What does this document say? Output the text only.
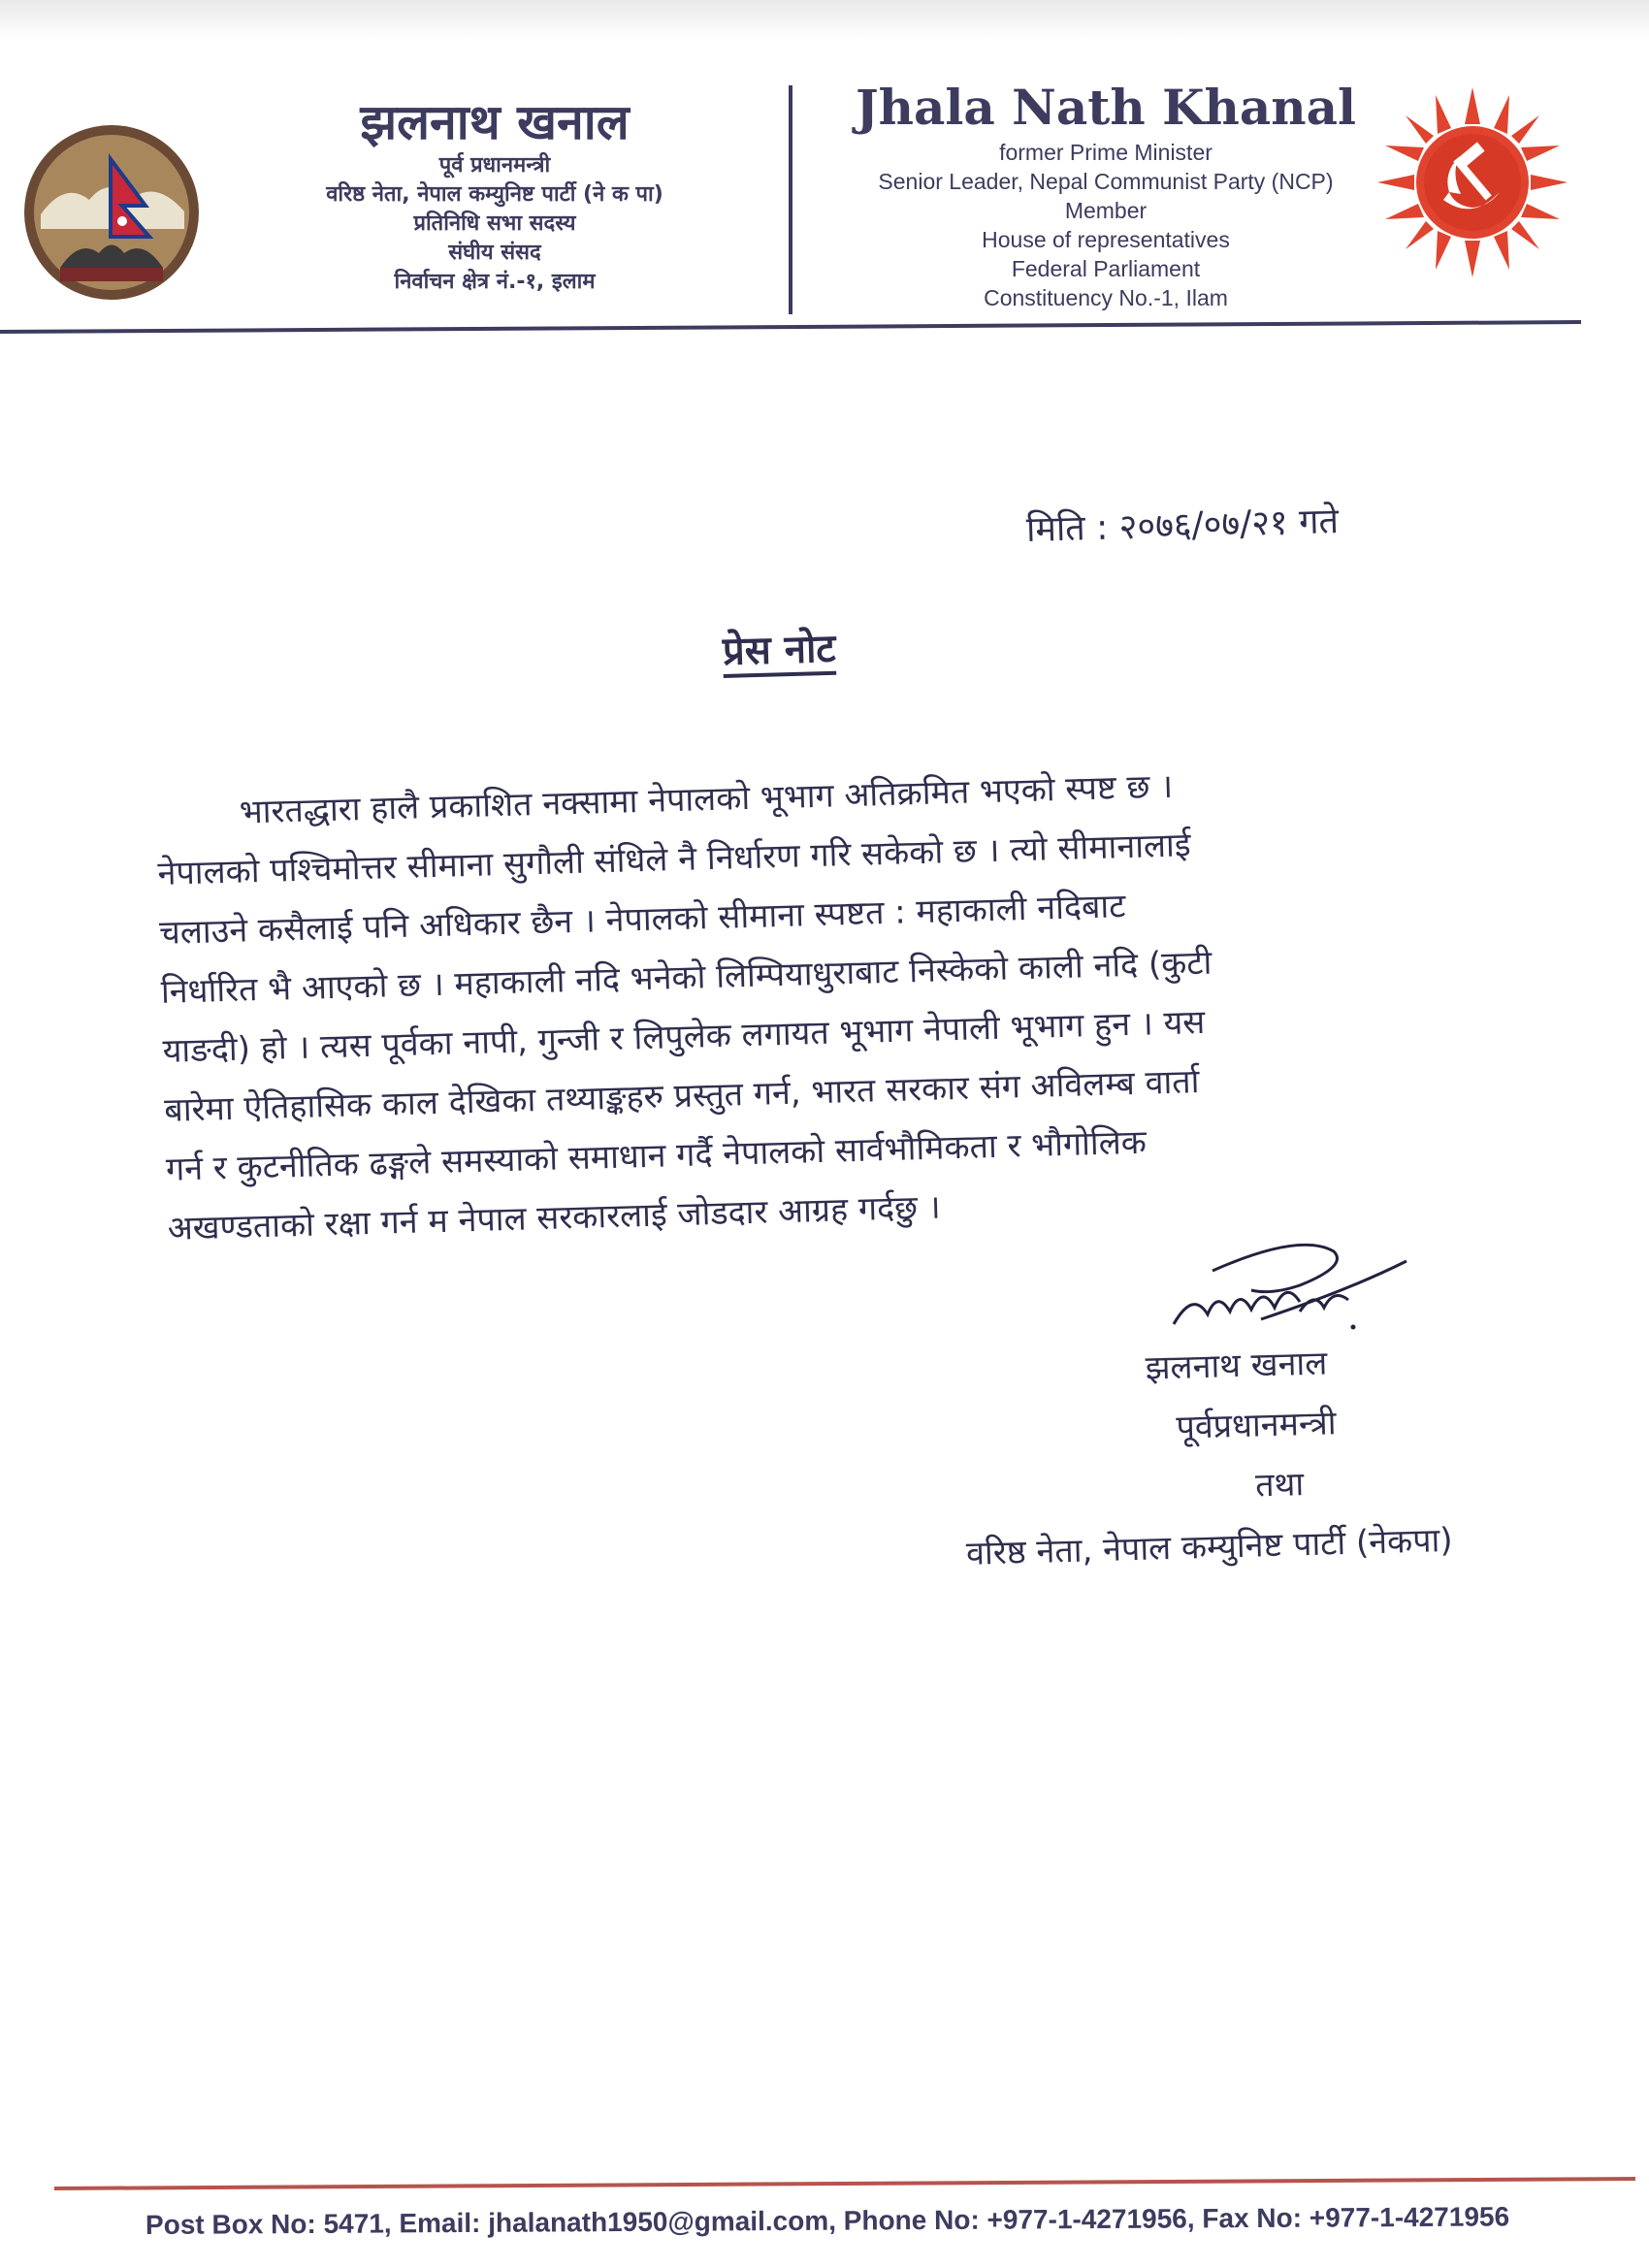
झलनाथ खनाल
पूर्व प्रधानमन्त्री
वरिष्ठ नेता, नेपाल कम्युनिष्ट पार्टी (ने क पा)
प्रतिनिधि सभा सदस्य
संघीय संसद
निर्वाचन क्षेत्र नं.-१, इलाम
Jhala Nath Khanal
former Prime Minister
Senior Leader, Nepal Communist Party (NCP)
Member
House of representatives
Federal Parliament
Constituency No.-1, Ilam
मिति : २०७६/०७/२१ गते
प्रेस नोट
भारतद्धारा हालै प्रकाशित नक्सामा नेपालको भूभाग अतिक्रमित भएको स्पष्ट छ ।
नेपालको पश्चिमोत्तर सीमाना सुगौली संधिले नै निर्धारण गरि सकेको छ । त्यो सीमानालाई
चलाउने कसैलाई पनि अधिकार छैन । नेपालको सीमाना स्पष्टत : महाकाली नदिबाट
निर्धारित भै आएको छ । महाकाली नदि भनेको लिम्पियाधुराबाट निस्केको काली नदि (कुटी
याङदी) हो । त्यस पूर्वका नापी, गुन्जी र लिपुलेक लगायत भूभाग नेपाली भूभाग हुन । यस
बारेमा ऐतिहासिक काल देखिका तथ्याङ्कहरु प्रस्तुत गर्न, भारत सरकार संग अविलम्ब वार्ता
गर्न र कुटनीतिक ढङ्गले समस्याको समाधान गर्दै नेपालको सार्वभौमिकता र भौगोलिक
अखण्डताको रक्षा गर्न म नेपाल सरकारलाई जोडदार आग्रह गर्दछु ।
झलनाथ खनाल
पूर्वप्रधानमन्त्री
तथा
वरिष्ठ नेता, नेपाल कम्युनिष्ट पार्टी (नेकपा)
Post Box No: 5471, Email: jhalanath1950@gmail.com, Phone No: +977-1-4271956, Fax No: +977-1-4271956
